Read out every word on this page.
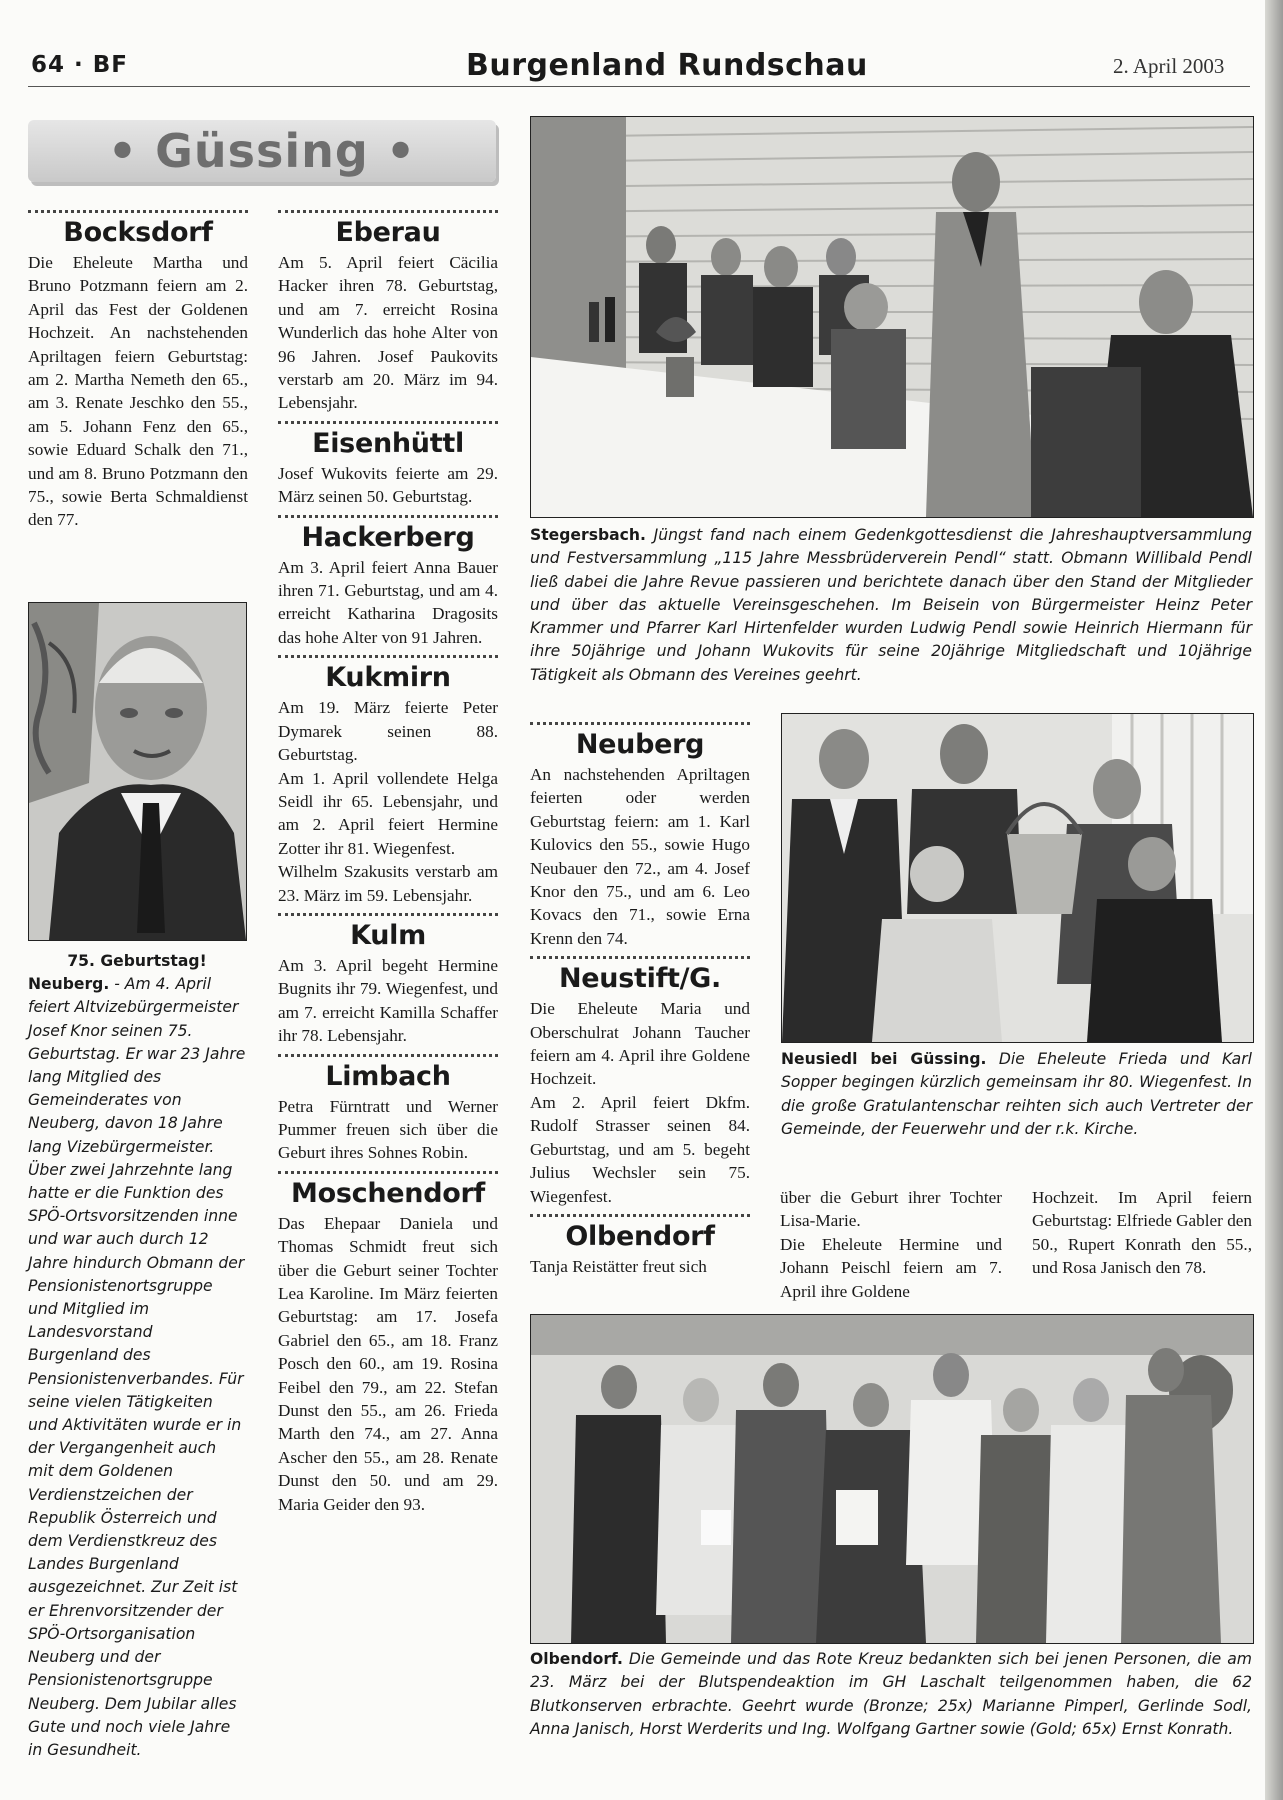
64 · BF	Burgenland Rundschau	2. April 2003
• Güssing •
Bocksdorf

Die Eheleute Martha und Bruno Potzmann feiern am 2. April das Fest der Goldenen Hochzeit. An nachstehenden Apriltagen feiern Geburtstag: am 2. Martha Nemeth den 65., am 3. Renate Jeschko den 55., am 5. Johann Fenz den 65., sowie Eduard Schalk den 71., und am 8. Bruno Potzmann den 75., sowie Berta Schmaldienst den 77.

75. Geburtstag!
Neuberg. - Am 4. April feiert Altvizebürgermeister Josef Knor seinen 75. Geburtstag. Er war 23 Jahre lang Mitglied des Gemeinderates von Neuberg, davon 18 Jahre lang Vizebürgermeister. Über zwei Jahrzehnte lang hatte er die Funktion des SPÖ-Ortsvorsitzenden inne und war auch durch 12 Jahre hindurch Obmann der Pensionistenortsgruppe und Mitglied im Landesvorstand Burgenland des Pensionistenverbandes. Für seine vielen Tätigkeiten und Aktivitäten wurde er in der Vergangenheit auch mit dem Goldenen Verdienstzeichen der Republik Österreich und dem Verdienstkreuz des Landes Burgenland ausgezeichnet. Zur Zeit ist er Ehrenvorsitzender der SPÖ-Ortsorganisation Neuberg und der Pensionistenortsgruppe Neuberg. Dem Jubilar alles Gute und noch viele Jahre in Gesundheit.
Eberau

Am 5. April feiert Cäcilia Hacker ihren 78. Geburtstag, und am 7. erreicht Rosina Wunderlich das hohe Alter von 96 Jahren. Josef Paukovits verstarb am 20. März im 94. Lebensjahr.

Eisenhüttl

Josef Wukovits feierte am 29. März seinen 50. Geburtstag.

Hackerberg

Am 3. April feiert Anna Bauer ihren 71. Geburtstag, und am 4. erreicht Katharina Dragosits das hohe Alter von 91 Jahren.

Kukmirn

Am 19. März feierte Peter Dymarek seinen 88. Geburtstag.

Am 1. April vollendete Helga Seidl ihr 65. Lebensjahr, und am 2. April feiert Hermine Zotter ihr 81. Wiegenfest.

Wilhelm Szakusits verstarb am 23. März im 59. Lebensjahr.

Kulm

Am 3. April begeht Hermine Bugnits ihr 79. Wiegenfest, und am 7. erreicht Kamilla Schaffer ihr 78. Lebensjahr.

Limbach

Petra Fürntratt und Werner Pummer freuen sich über die Geburt ihres Sohnes Robin.

Moschendorf

Das Ehepaar Daniela und Thomas Schmidt freut sich über die Geburt seiner Tochter Lea Karoline. Im März feierten Geburtstag: am 17. Josefa Gabriel den 65., am 18. Franz Posch den 60., am 19. Rosina Feibel den 79., am 22. Stefan Dunst den 55., am 26. Frieda Marth den 74., am 27. Anna Ascher den 55., am 28. Renate Dunst den 50. und am 29. Maria Geider den 93.

Stegersbach. Jüngst fand nach einem Gedenkgottesdienst die Jahreshauptversammlung und Festversammlung „115 Jahre Messbrüderverein Pendl“ statt. Obmann Willibald Pendl ließ dabei die Jahre Revue passieren und berichtete danach über den Stand der Mitglieder und über das aktuelle Vereinsgeschehen. Im Beisein von Bürgermeister Heinz Peter Krammer und Pfarrer Karl Hirtenfelder wurden Ludwig Pendl sowie Heinrich Hiermann für ihre 50jährige und Johann Wukovits für seine 20jährige Mitgliedschaft und 10jährige Tätigkeit als Obmann des Vereines geehrt.
Neuberg

An nachstehenden Apriltagen feierten oder werden Geburtstag feiern: am 1. Karl Kulovics den 55., sowie Hugo Neubauer den 72., am 4. Josef Knor den 75., und am 6. Leo Kovacs den 71., sowie Erna Krenn den 74.

Neustift/G.

Die Eheleute Maria und Oberschulrat Johann Taucher feiern am 4. April ihre Goldene Hochzeit.

Am 2. April feiert Dkfm. Rudolf Strasser seinen 84. Geburtstag, und am 5. begeht Julius Wechsler sein 75. Wiegenfest.

Olbendorf

Tanja Reistätter freut sich

über die Geburt ihrer Tochter Lisa-Marie.

Die Eheleute Hermine und Johann Peischl feiern am 7. April ihre Goldene

Hochzeit. Im April feiern Geburtstag: Elfriede Gabler den 50., Rupert Konrath den 55., und Rosa Janisch den 78.

Neusiedl bei Güssing. Die Eheleute Frieda und Karl Sopper begingen kürzlich gemeinsam ihr 80. Wiegenfest. In die große Gratulantenschar reihten sich auch Vertreter der Gemeinde, der Feuerwehr und der r.k. Kirche.
Olbendorf. Die Gemeinde und das Rote Kreuz bedankten sich bei jenen Personen, die am 23. März bei der Blutspendeaktion im GH Laschalt teilgenommen haben, die 62 Blutkonserven erbrachte. Geehrt wurde (Bronze; 25x) Marianne Pimperl, Gerlinde Sodl, Anna Janisch, Horst Werderits und Ing. Wolfgang Gartner sowie (Gold; 65x) Ernst Konrath.
